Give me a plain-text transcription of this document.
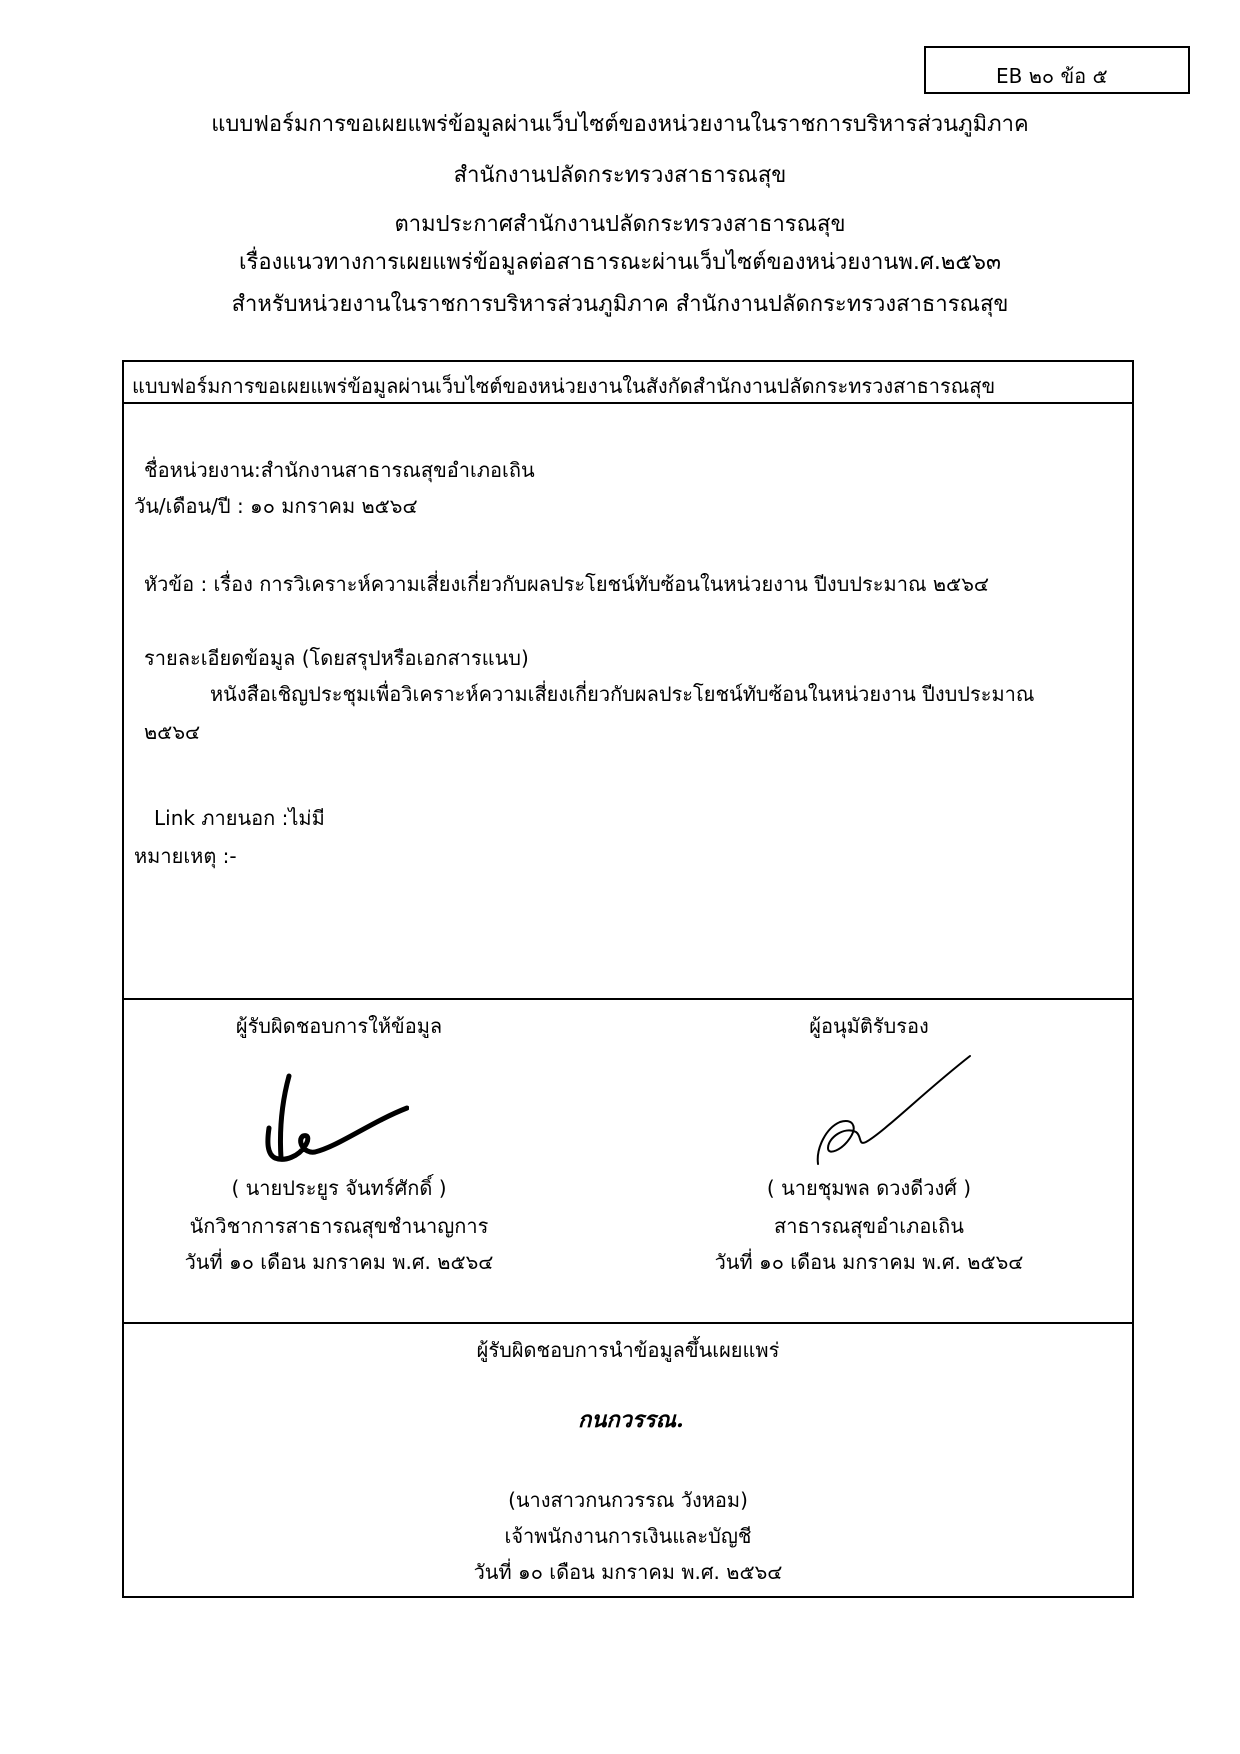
EB ๒๐ ข้อ ๕
แบบฟอร์มการขอเผยแพร่ข้อมูลผ่านเว็บไซต์ของหน่วยงานในราชการบริหารส่วนภูมิภาค
สำนักงานปลัดกระทรวงสาธารณสุข
ตามประกาศสำนักงานปลัดกระทรวงสาธารณสุข
เรื่องแนวทางการเผยแพร่ข้อมูลต่อสาธารณะผ่านเว็บไซต์ของหน่วยงานพ.ศ.๒๕๖๓
สำหรับหน่วยงานในราชการบริหารส่วนภูมิภาค สำนักงานปลัดกระทรวงสาธารณสุข
แบบฟอร์มการขอเผยแพร่ข้อมูลผ่านเว็บไซต์ของหน่วยงานในสังกัดสำนักงานปลัดกระทรวงสาธารณสุข
ชื่อหน่วยงาน:สำนักงานสาธารณสุขอำเภอเถิน
วัน/เดือน/ปี : ๑๐ มกราคม ๒๕๖๔
หัวข้อ : เรื่อง การวิเคราะห์ความเสี่ยงเกี่ยวกับผลประโยชน์ทับซ้อนในหน่วยงาน ปีงบประมาณ ๒๕๖๔
รายละเอียดข้อมูล (โดยสรุปหรือเอกสารแนบ)
หนังสือเชิญประชุมเพื่อวิเคราะห์ความเสี่ยงเกี่ยวกับผลประโยชน์ทับซ้อนในหน่วยงาน ปีงบประมาณ
๒๕๖๔
Link ภายนอก :ไม่มี
หมายเหตุ :-
ผู้รับผิดชอบการให้ข้อมูล
( นายประยูร จันทร์ศักดิ์ )
นักวิชาการสาธารณสุขชำนาญการ
วันที่ ๑๐ เดือน มกราคม พ.ศ. ๒๕๖๔
ผู้อนุมัติรับรอง
( นายชุมพล ดวงดีวงศ์ )
สาธารณสุขอำเภอเถิน
วันที่ ๑๐ เดือน มกราคม พ.ศ. ๒๕๖๔
ผู้รับผิดชอบการนำข้อมูลขึ้นเผยแพร่
กนกวรรณ.
(นางสาวกนกวรรณ วังหอม)
เจ้าพนักงานการเงินและบัญชี
วันที่ ๑๐ เดือน มกราคม พ.ศ. ๒๕๖๔
